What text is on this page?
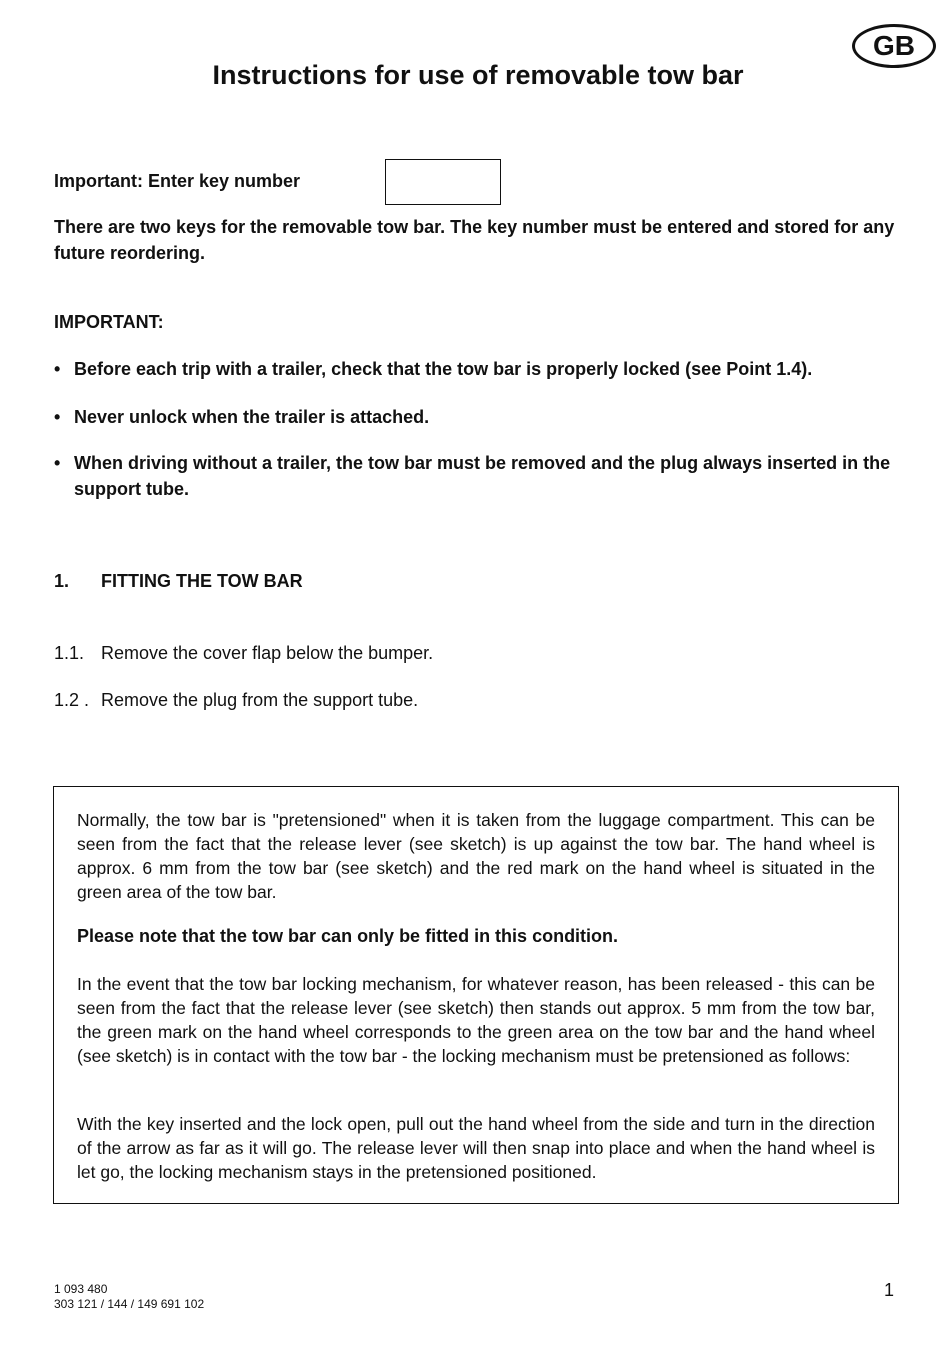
GB
Instructions for use of removable tow bar
Important: Enter key number
There are two keys for the removable tow bar. The key number must be entered and stored for any future reordering.
IMPORTANT:
• Before each trip with a trailer, check that the tow bar is properly locked (see Point 1.4).
• Never unlock when the trailer is attached.
• When driving without a trailer, the tow bar must be removed and the plug always inserted in the support tube.
1.	FITTING THE TOW BAR
1.1. Remove the cover flap below the bumper.
1.2 . Remove the plug from the support tube.
Normally, the tow bar is "pretensioned" when it is taken from the luggage compartment. This can be seen from the fact that the release lever (see sketch) is up against the tow bar. The hand wheel is approx. 6 mm from the tow bar (see sketch) and the red mark on the hand wheel is situated in the green area of the tow bar.
Please note that the tow bar can only be fitted in this condition.
In the event that the tow bar locking mechanism, for whatever reason, has been released - this can be seen from the fact that the release lever (see sketch) then stands out approx. 5 mm from the tow bar, the green mark on the hand wheel corresponds to the green area on the tow bar and the hand wheel (see sketch) is in contact with the tow bar - the locking mechanism must be pretensioned as follows:
With the key inserted and the lock open, pull out the hand wheel from the side and turn in the direction of the arrow as far as it will go. The release lever will then snap into place and when the hand wheel is let go, the locking mechanism stays in the pretensioned positioned.
1 093 480
303 121 / 144 / 149 691 102
1
